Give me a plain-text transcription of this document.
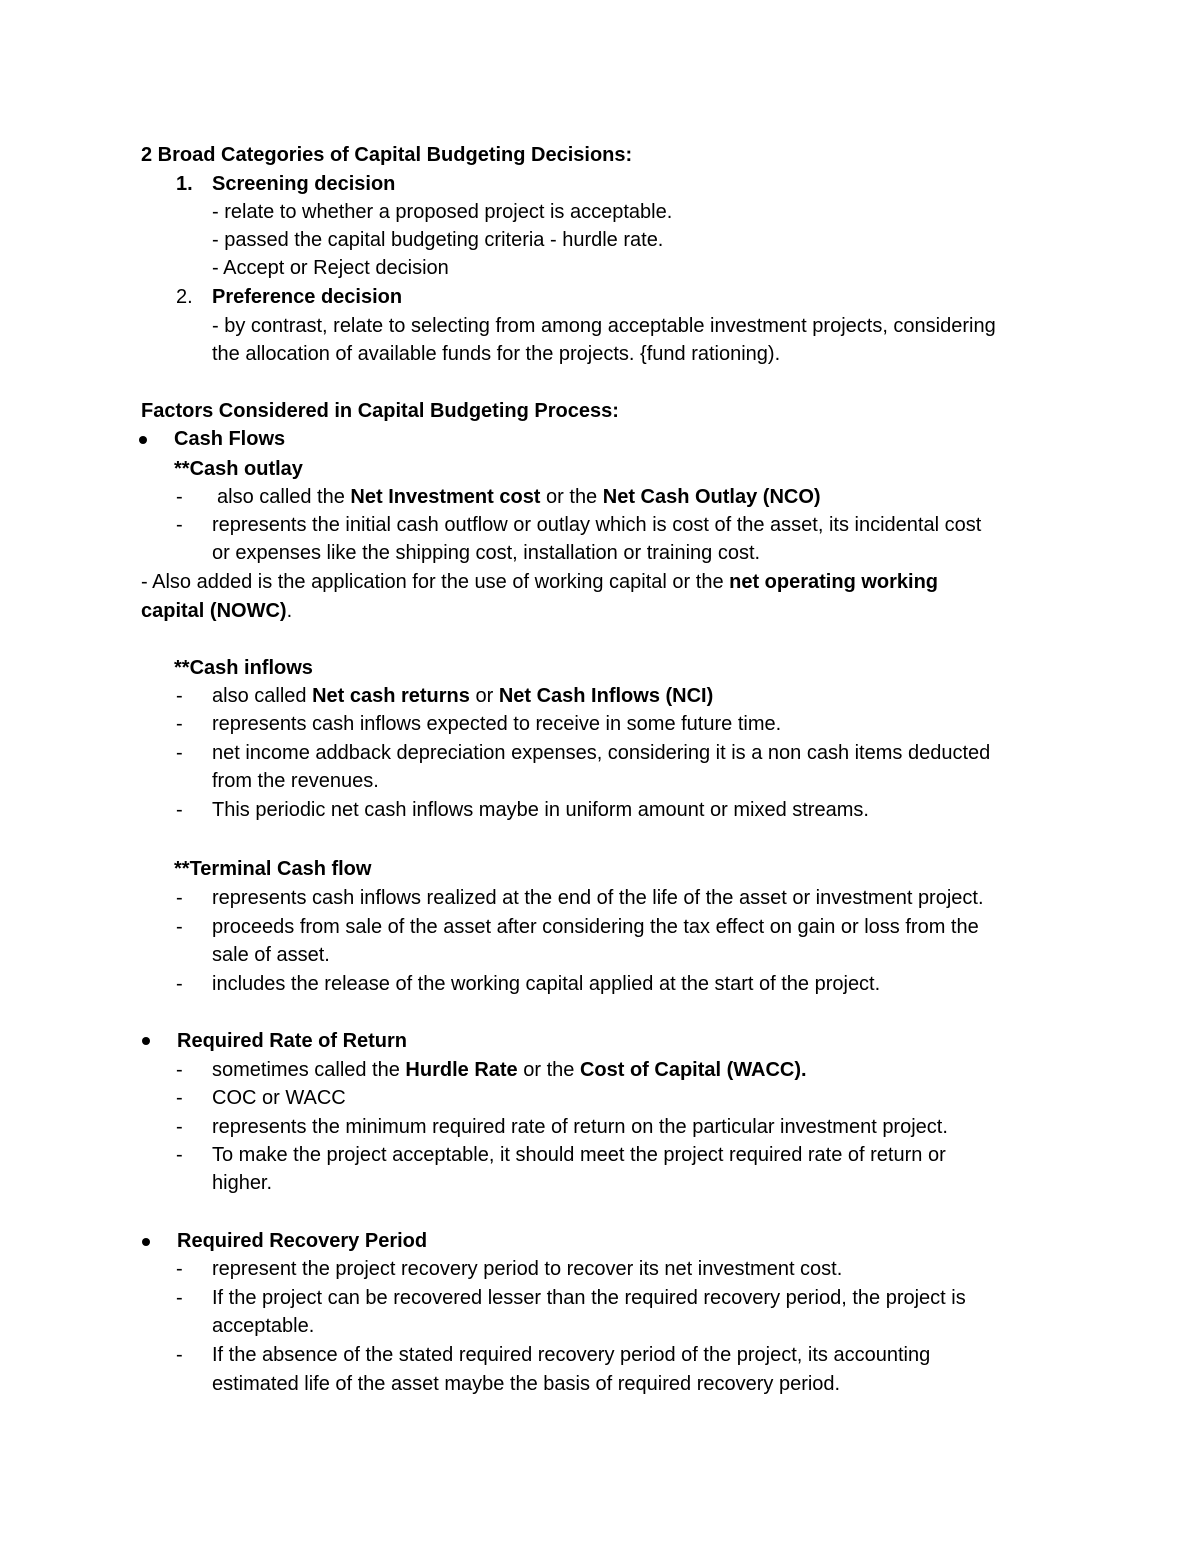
2 Broad Categories of Capital Budgeting Decisions:
1. Screening decision
- relate to whether a proposed project is acceptable.
- passed the capital budgeting criteria - hurdle rate.
- Accept or Reject decision
2. Preference decision
- by contrast, relate to selecting from among acceptable investment projects, considering
the allocation of available funds for the projects. {fund rationing).
Factors Considered in Capital Budgeting Process:
Cash Flows
**Cash outlay
- also called the Net Investment cost or the Net Cash Outlay (NCO)
- represents the initial cash outflow or outlay which is cost of the asset, its incidental cost
or expenses like the shipping cost, installation or training cost.
- Also added is the application for the use of working capital or the net operating working
capital (NOWC).
**Cash inflows
- also called Net cash returns or Net Cash Inflows (NCI)
- represents cash inflows expected to receive in some future time.
- net income addback depreciation expenses, considering it is a non cash items deducted
from the revenues.
- This periodic net cash inflows maybe in uniform amount or mixed streams.
**Terminal Cash flow
- represents cash inflows realized at the end of the life of the asset or investment project.
- proceeds from sale of the asset after considering the tax effect on gain or loss from the
sale of asset.
- includes the release of the working capital applied at the start of the project.
Required Rate of Return
- sometimes called the Hurdle Rate or the Cost of Capital (WACC).
- COC or WACC
- represents the minimum required rate of return on the particular investment project.
- To make the project acceptable, it should meet the project required rate of return or
higher.
Required Recovery Period
- represent the project recovery period to recover its net investment cost.
- If the project can be recovered lesser than the required recovery period, the project is
acceptable.
- If the absence of the stated required recovery period of the project, its accounting
estimated life of the asset maybe the basis of required recovery period.
